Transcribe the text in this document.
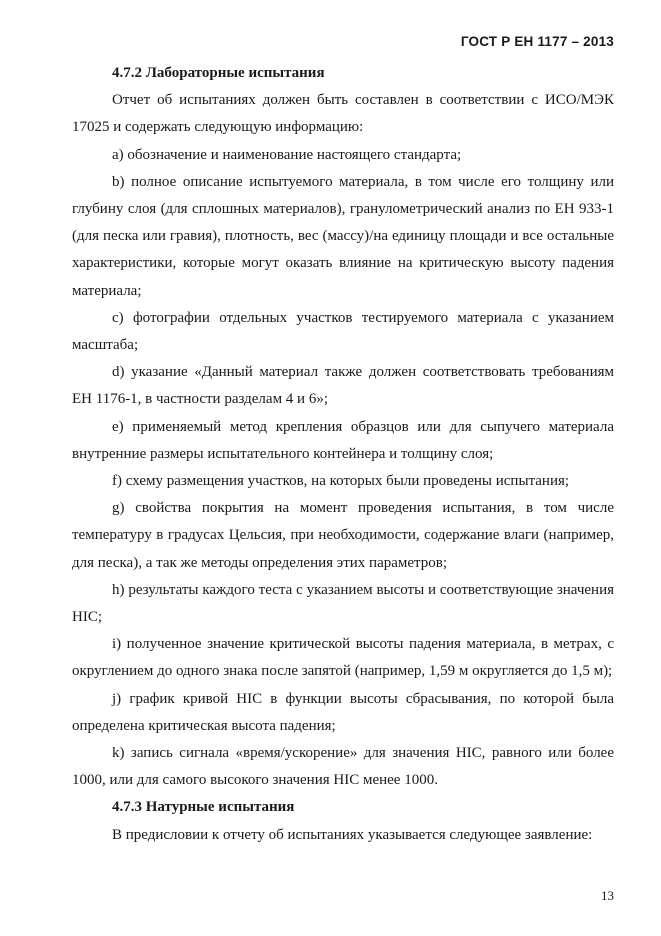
ГОСТ Р ЕН 1177 – 2013
4.7.2 Лабораторные испытания

Отчет об испытаниях должен быть составлен в соответствии с ИСО/МЭК 17025 и содержать следующую информацию:

а) обозначение и наименование настоящего стандарта;

b) полное описание испытуемого материала, в том числе его толщину или глубину слоя (для сплошных материалов), гранулометрический анализ по ЕН 933-1 (для песка или гравия), плотность, вес (массу)/на единицу площади и все остальные характеристики, которые могут оказать влияние на критическую высоту падения материала;

c) фотографии отдельных участков тестируемого материала с указанием масштаба;

d) указание «Данный материал также должен соответствовать требованиям ЕН 1176-1, в частности разделам 4 и 6»;

e) применяемый метод крепления образцов или для сыпучего материала внутренние размеры испытательного контейнера и толщину слоя;

f) схему размещения участков, на которых были проведены испытания;

g) свойства покрытия на момент проведения испытания, в том числе температуру в градусах Цельсия, при необходимости, содержание влаги (например, для песка), а так же методы определения этих параметров;

h) результаты каждого теста с указанием высоты и соответствующие значения HIC;

i) полученное значение критической высоты падения материала, в метрах, с округлением до одного знака после запятой (например, 1,59 м округляется до 1,5 м);

j) график кривой HIC в функции высоты сбрасывания, по которой была определена критическая высота падения;

k) запись сигнала «время/ускорение» для значения HIC, равного или более 1000, или для самого высокого значения HIC менее 1000.

4.7.3 Натурные испытания

В предисловии к отчету об испытаниях указывается следующее заявление:

13
